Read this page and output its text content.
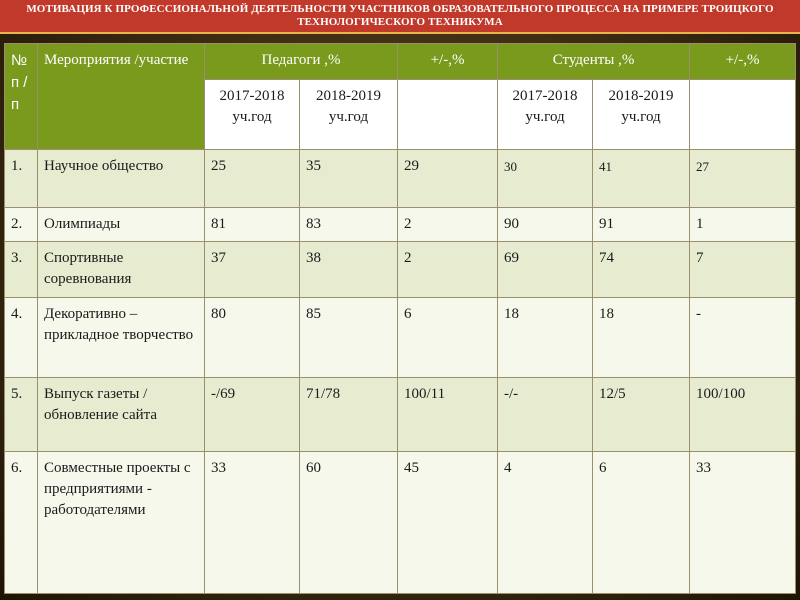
МОТИВАЦИЯ К ПРОФЕССИОНАЛЬНОЙ ДЕЯТЕЛЬНОСТИ УЧАСТНИКОВ ОБРАЗОВАТЕЛЬНОГО ПРОЦЕССА НА ПРИМЕРЕ ТРОИЦКОГО ТЕХНОЛОГИЧЕСКОГО ТЕХНИКУМА
№ п / п	Мероприятия /участие	Педагоги ,%		+/-,%	Студенты ,%		+/-,%
		2017-2018 уч.год	2018-2019 уч.год		2017-2018 уч.год	2018-2019 уч.год	
1.	Научное общество	25	35	29	30	41	27
2.	Олимпиады	81	83	2	90	91	1
3.	Спортивные соревнования	37	38	2	69	74	7
4.	Декоративно – прикладное творчество	80	85	6	18	18	-
5.	Выпуск газеты / обновление сайта	-/69	71/78	100/11	-/-	12/5	100/100
6.	Совместные проекты с предприятиями - работодателями	33	60	45	4	6	33
